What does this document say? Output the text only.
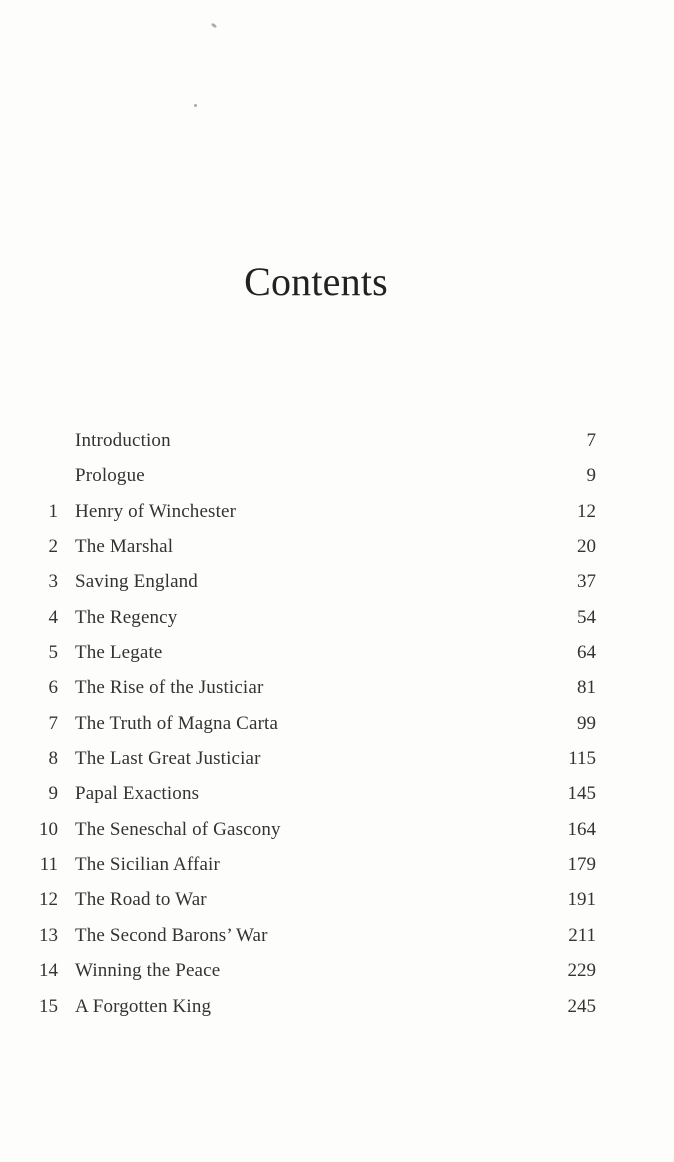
Contents
Introduction	7
Prologue	9
1 Henry of Winchester	12
2 The Marshal	20
3 Saving England	37
4 The Regency	54
5 The Legate	64
6 The Rise of the Justiciar	81
7 The Truth of Magna Carta	99
8 The Last Great Justiciar	115
9 Papal Exactions	145
10 The Seneschal of Gascony	164
11 The Sicilian Affair	179
12 The Road to War	191
13 The Second Barons’ War	211
14 Winning the Peace	229
15 A Forgotten King	245
